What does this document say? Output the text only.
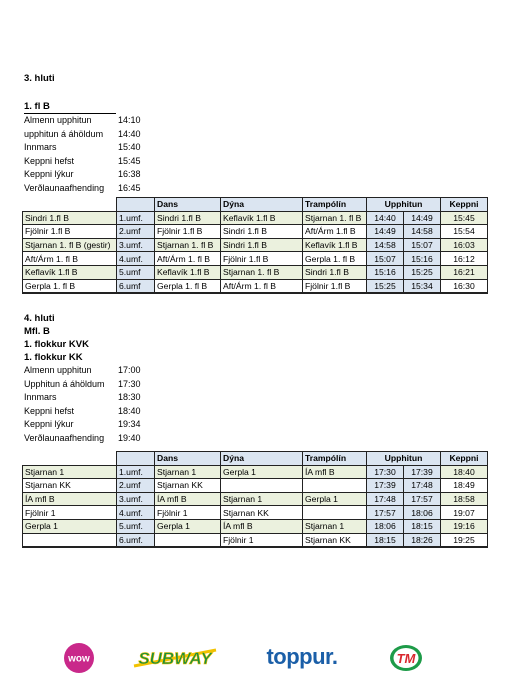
3. hluti
1. fl B
Almenn upphitun	14:10
upphitun á áhöldum	14:40
Innmars	15:40
Keppni hefst	15:45
Keppni lýkur	16:38
Verðlaunaafhending	16:45
		Dans	Dýna	Trampólín	Upphitun		Keppni
Sindri 1.fl B	1.umf.	Sindri 1.fl B	Keflavík 1.fl B	Stjarnan 1. fl B	14:40	14:49	15:45
Fjölnir 1.fl B	2.umf	Fjölnir 1.fl B	Sindri 1.fl B	Aft/Árm 1.fl B	14:49	14:58	15:54
Stjarnan 1. fl B (gestir)	3.umf.	Stjarnan 1. fl B	Sindri 1.fl B	Keflavík 1.fl B	14:58	15:07	16:03
Aft/Árm 1. fl B	4.umf.	Aft/Árm 1. fl B	Fjölnir 1.fl B	Gerpla 1. fl B	15:07	15:16	16:12
Keflavík 1.fl B	5.umf	Keflavík 1.fl B	Stjarnan 1. fl B	Sindri 1.fl B	15:16	15:25	16:21
Gerpla 1. fl B	6.umf	Gerpla 1. fl B	Aft/Árm 1. fl B	Fjölnir 1.fl B	15:25	15:34	16:30
4. hluti
Mfl. B
1. flokkur KVK
1. flokkur KK
Almenn upphitun	17:00
Upphitun á áhöldum	17:30
Innmars	18:30
Keppni hefst	18:40
Keppni lýkur	19:34
Verðlaunaafhending	19:40
		Dans	Dýna	Trampólín	Upphitun		Keppni
Stjarnan 1	1.umf.	Stjarnan 1	Gerpla 1	ÍA mfl B	17:30	17:39	18:40
Stjarnan KK	2.umf	Stjarnan KK			17:39	17:48	18:49
ÍA mfl B	3.umf.	ÍA mfl B	Stjarnan 1	Gerpla 1	17:48	17:57	18:58
Fjölnir 1	4.umf.	Fjölnir 1	Stjarnan KK		17:57	18:06	19:07
Gerpla 1	5.umf.	Gerpla 1	ÍA mfl B	Stjarnan 1	18:06	18:15	19:16
	6.umf.		Fjölnir 1	Stjarnan KK	18:15	18:26	19:25
wow	SUBWAY toppur.	TM
